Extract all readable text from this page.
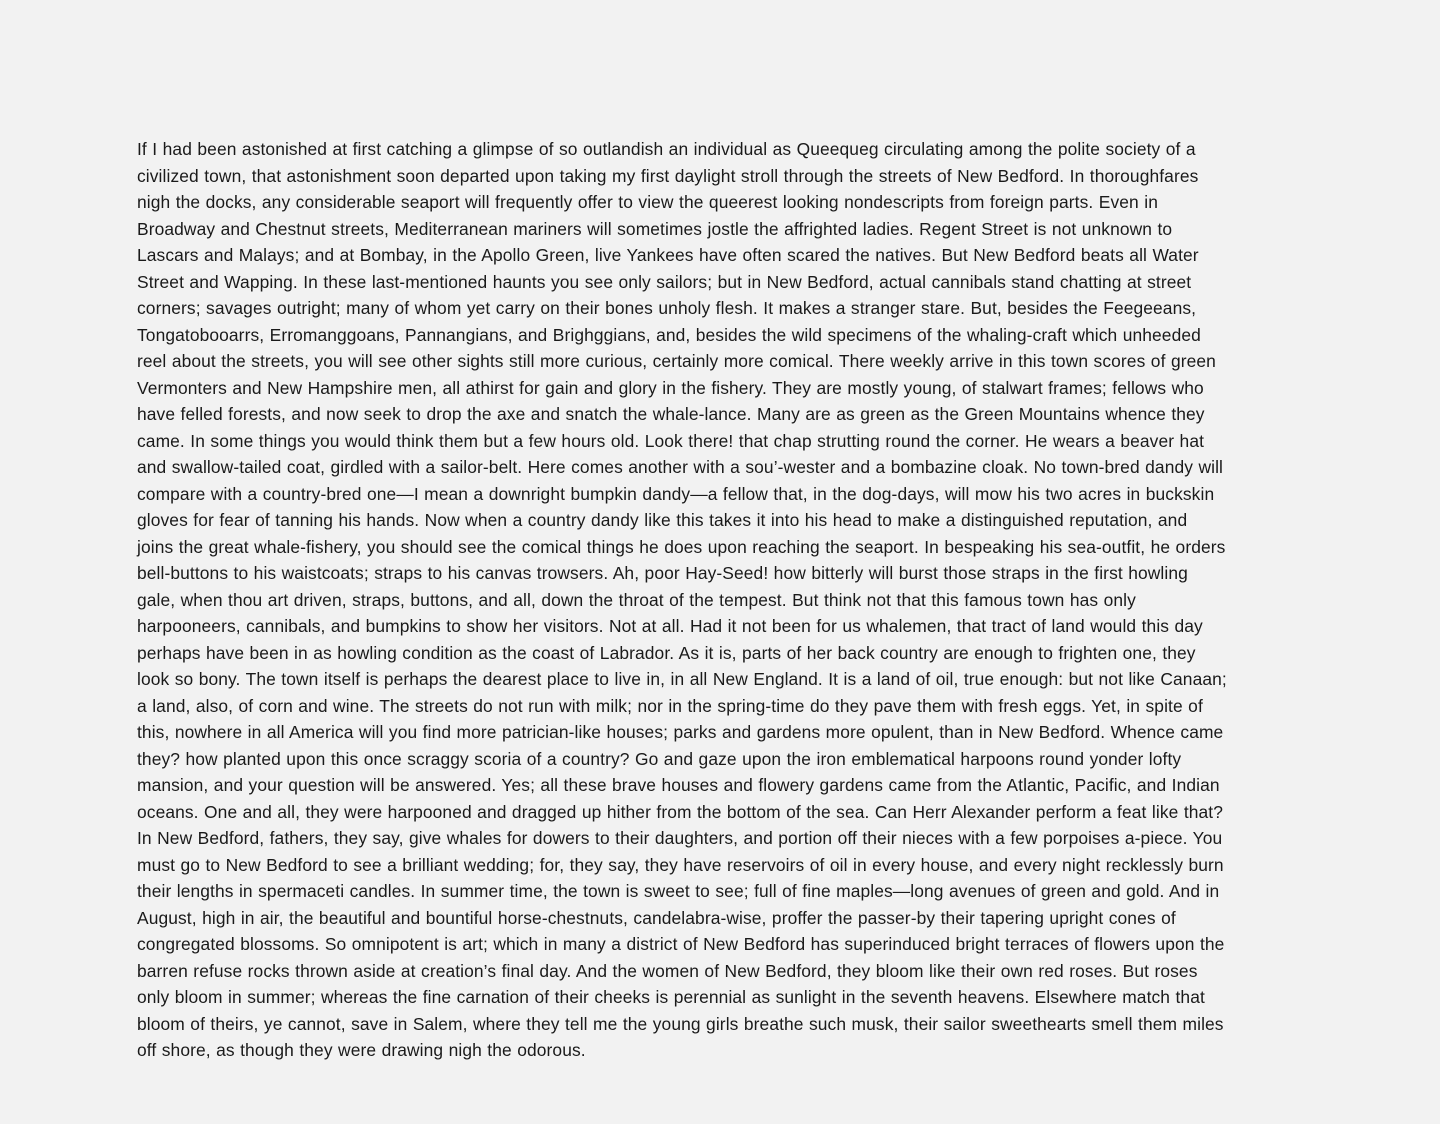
If I had been astonished at first catching a glimpse of so outlandish an individual as Queequeg circulating among the polite society of a civilized town, that astonishment soon departed upon taking my first daylight stroll through the streets of New Bedford. In thoroughfares nigh the docks, any considerable seaport will frequently offer to view the queerest looking nondescripts from foreign parts. Even in Broadway and Chestnut streets, Mediterranean mariners will sometimes jostle the affrighted ladies. Regent Street is not unknown to Lascars and Malays; and at Bombay, in the Apollo Green, live Yankees have often scared the natives. But New Bedford beats all Water Street and Wapping. In these last-mentioned haunts you see only sailors; but in New Bedford, actual cannibals stand chatting at street corners; savages outright; many of whom yet carry on their bones unholy flesh. It makes a stranger stare. But, besides the Feegeeans, Tongatobooarrs, Erromanggoans, Pannangians, and Brighggians, and, besides the wild specimens of the whaling-craft which unheeded reel about the streets, you will see other sights still more curious, certainly more comical. There weekly arrive in this town scores of green Vermonters and New Hampshire men, all athirst for gain and glory in the fishery. They are mostly young, of stalwart frames; fellows who have felled forests, and now seek to drop the axe and snatch the whale-lance. Many are as green as the Green Mountains whence they came. In some things you would think them but a few hours old. Look there! that chap strutting round the corner. He wears a beaver hat and swallow-tailed coat, girdled with a sailor-belt. Here comes another with a sou’-wester and a bombazine cloak. No town-bred dandy will compare with a country-bred one—I mean a downright bumpkin dandy—a fellow that, in the dog-days, will mow his two acres in buckskin gloves for fear of tanning his hands. Now when a country dandy like this takes it into his head to make a distinguished reputation, and joins the great whale-fishery, you should see the comical things he does upon reaching the seaport. In bespeaking his sea-outfit, he orders bell-buttons to his waistcoats; straps to his canvas trowsers. Ah, poor Hay-Seed! how bitterly will burst those straps in the first howling gale, when thou art driven, straps, buttons, and all, down the throat of the tempest. But think not that this famous town has only harpooneers, cannibals, and bumpkins to show her visitors. Not at all. Had it not been for us whalemen, that tract of land would this day perhaps have been in as howling condition as the coast of Labrador. As it is, parts of her back country are enough to frighten one, they look so bony. The town itself is perhaps the dearest place to live in, in all New England. It is a land of oil, true enough: but not like Canaan; a land, also, of corn and wine. The streets do not run with milk; nor in the spring-time do they pave them with fresh eggs. Yet, in spite of this, nowhere in all America will you find more patrician-like houses; parks and gardens more opulent, than in New Bedford. Whence came they? how planted upon this once scraggy scoria of a country? Go and gaze upon the iron emblematical harpoons round yonder lofty mansion, and your question will be answered. Yes; all these brave houses and flowery gardens came from the Atlantic, Pacific, and Indian oceans. One and all, they were harpooned and dragged up hither from the bottom of the sea. Can Herr Alexander perform a feat like that? In New Bedford, fathers, they say, give whales for dowers to their daughters, and portion off their nieces with a few porpoises a-piece. You must go to New Bedford to see a brilliant wedding; for, they say, they have reservoirs of oil in every house, and every night recklessly burn their lengths in spermaceti candles. In summer time, the town is sweet to see; full of fine maples—long avenues of green and gold. And in August, high in air, the beautiful and bountiful horse-chestnuts, candelabra-wise, proffer the passer-by their tapering upright cones of congregated blossoms. So omnipotent is art; which in many a district of New Bedford has superinduced bright terraces of flowers upon the barren refuse rocks thrown aside at creation’s final day. And the women of New Bedford, they bloom like their own red roses. But roses only bloom in summer; whereas the fine carnation of their cheeks is perennial as sunlight in the seventh heavens. Elsewhere match that bloom of theirs, ye cannot, save in Salem, where they tell me the young girls breathe such musk, their sailor sweethearts smell them miles off shore, as though they were drawing nigh the odorous.
